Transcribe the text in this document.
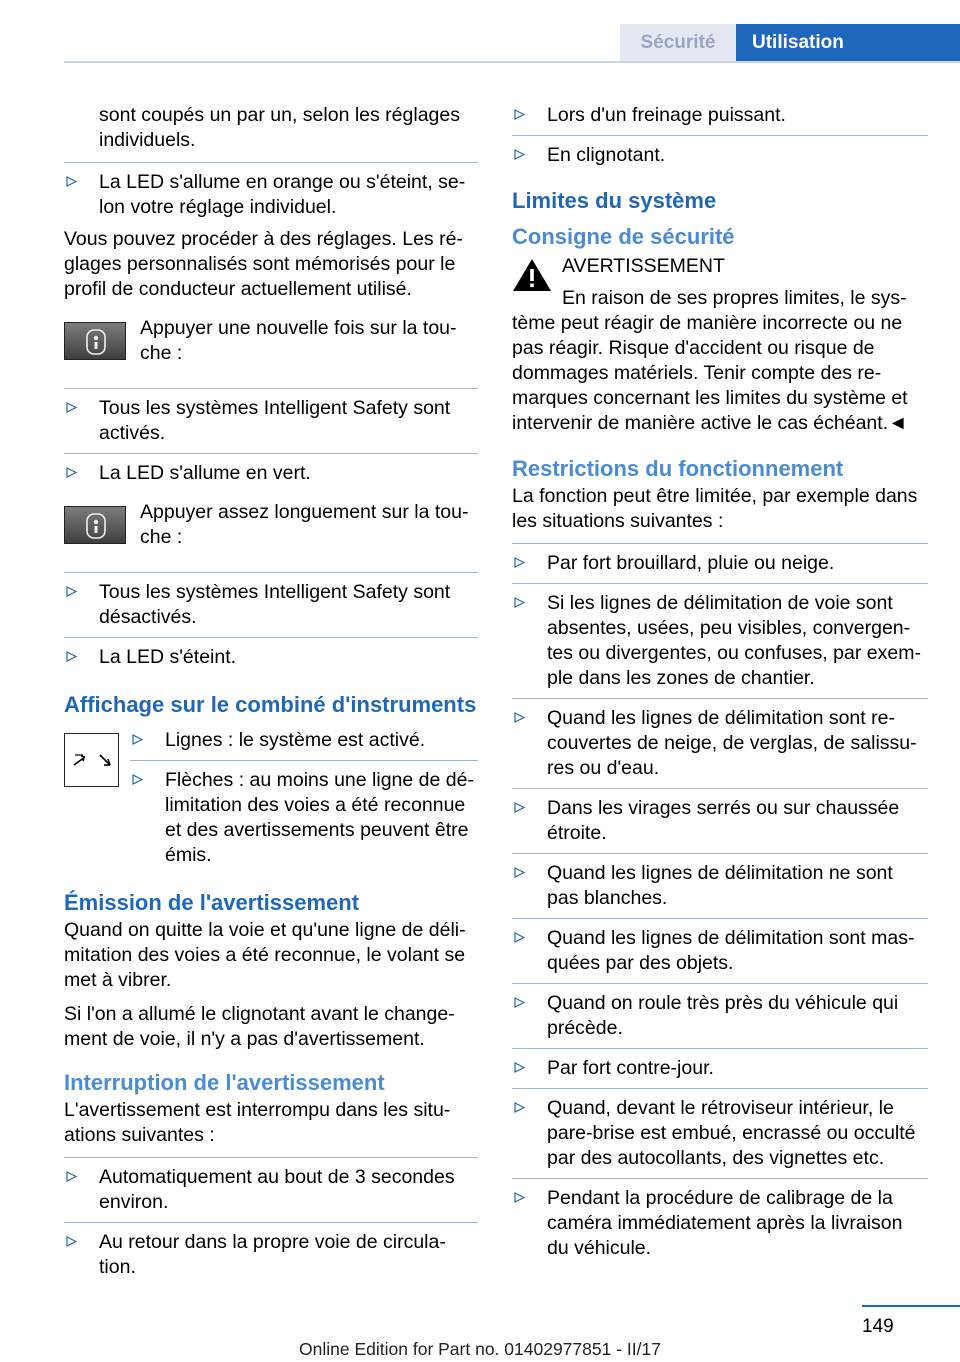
Sécurité	Utilisation

sont coupés un par un, selon les réglages individuels.

La LED s'allume en orange ou s'éteint, se-lon votre réglage individuel.

Vous pouvez procéder à des réglages. Les ré-glages personnalisés sont mémorisés pour le profil de conducteur actuellement utilisé.

Appuyer une nouvelle fois sur la tou-che :
Tous les systèmes Intelligent Safety sont activés.
La LED s'allume en vert.
Appuyer assez longuement sur la tou-che :
Tous les systèmes Intelligent Safety sont désactivés.
La LED s'éteint.
Affichage sur le combiné d'instruments
Lignes : le système est activé.
Flèches : au moins une ligne de dé-limitation des voies a été reconnue et des avertissements peuvent être émis.
Émission de l'avertissement

Quand on quitte la voie et qu'une ligne de déli-mitation des voies a été reconnue, le volant se met à vibrer.

Si l'on a allumé le clignotant avant le change-ment de voie, il n'y a pas d'avertissement.

Interruption de l'avertissement

L'avertissement est interrompu dans les situ-ations suivantes :

Automatiquement au bout de 3 secondes environ.
Au retour dans la propre voie de circula-tion.
Lors d'un freinage puissant.
En clignotant.
Limites du système
Consigne de sécurité
AVERTISSEMENT
En raison de ses propres limites, le sys-
tème peut réagir de manière incorrecte ou ne pas réagir. Risque d'accident ou risque de dommages matériels. Tenir compte des re-marques concernant les limites du système et intervenir de manière active le cas échéant.◄
Restrictions du fonctionnement

La fonction peut être limitée, par exemple dans les situations suivantes :

Par fort brouillard, pluie ou neige.
Si les lignes de délimitation de voie sont absentes, usées, peu visibles, convergen-tes ou divergentes, ou confuses, par exem-ple dans les zones de chantier.
Quand les lignes de délimitation sont re-couvertes de neige, de verglas, de salissu-res ou d'eau.
Dans les virages serrés ou sur chaussée étroite.
Quand les lignes de délimitation ne sont pas blanches.
Quand les lignes de délimitation sont mas-quées par des objets.
Quand on roule très près du véhicule qui précède.
Par fort contre-jour.
Quand, devant le rétroviseur intérieur, le pare-brise est embué, encrassé ou occulté par des autocollants, des vignettes etc.
Pendant la procédure de calibrage de la caméra immédiatement après la livraison du véhicule.
149
Online Edition for Part no. 01402977851 - II/17
